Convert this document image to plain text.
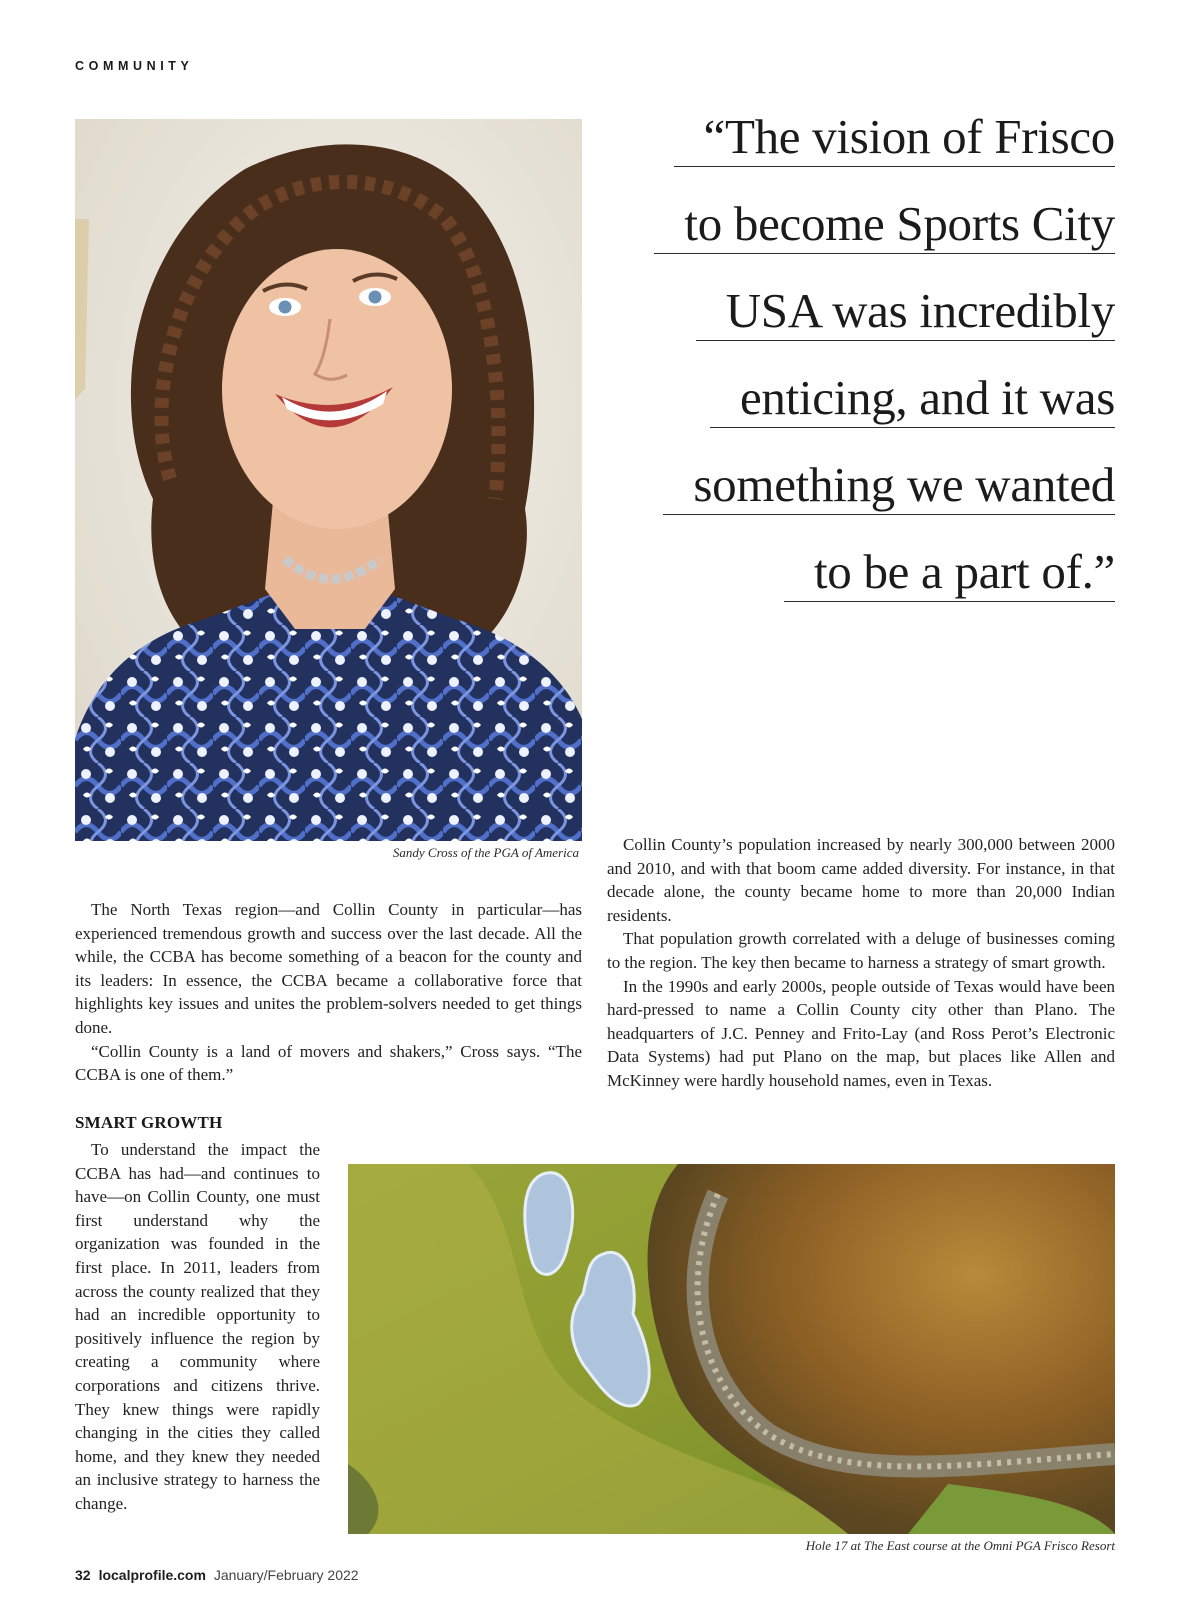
COMMUNITY
Sandy Cross of the PGA of America
“The vision of Frisco
to become Sports City
USA was incredibly
enticing, and it was
something we wanted
to be a part of.”

Collin County’s population increased by nearly 300,000 between 2000 and 2010, and with that boom came added diversity. For instance, in that decade alone, the county became home to more than 20,000 Indian residents.

That population growth correlated with a deluge of businesses coming to the region. The key then became to harness a strategy of smart growth.

In the 1990s and early 2000s, people outside of Texas would have been hard-pressed to name a Collin County city other than Plano. The headquarters of J.C. Penney and Frito-Lay (and Ross Perot’s Electronic Data Systems) had put Plano on the map, but places like Allen and McKinney were hardly household names, even in Texas.

The North Texas region—and Collin County in particular—has experienced tremendous growth and success over the last decade. All the while, the CCBA has become something of a beacon for the county and its leaders: In essence, the CCBA became a collaborative force that highlights key issues and unites the problem-solvers needed to get things done.

“Collin County is a land of movers and shakers,” Cross says. “The CCBA is one of them.”

SMART GROWTH

To understand the impact the CCBA has had—and continues to have—on Collin County, one must first understand why the organization was founded in the first place. In 2011, leaders from across the county realized that they had an incredible opportunity to positively influence the region by creating a community where corporations and citizens thrive. They knew things were rapidly changing in the cities they called home, and they knew they needed an inclusive strategy to harness the change.

Hole 17 at The East course at the Omni PGA Frisco Resort
32 localprofile.com January/February 2022
